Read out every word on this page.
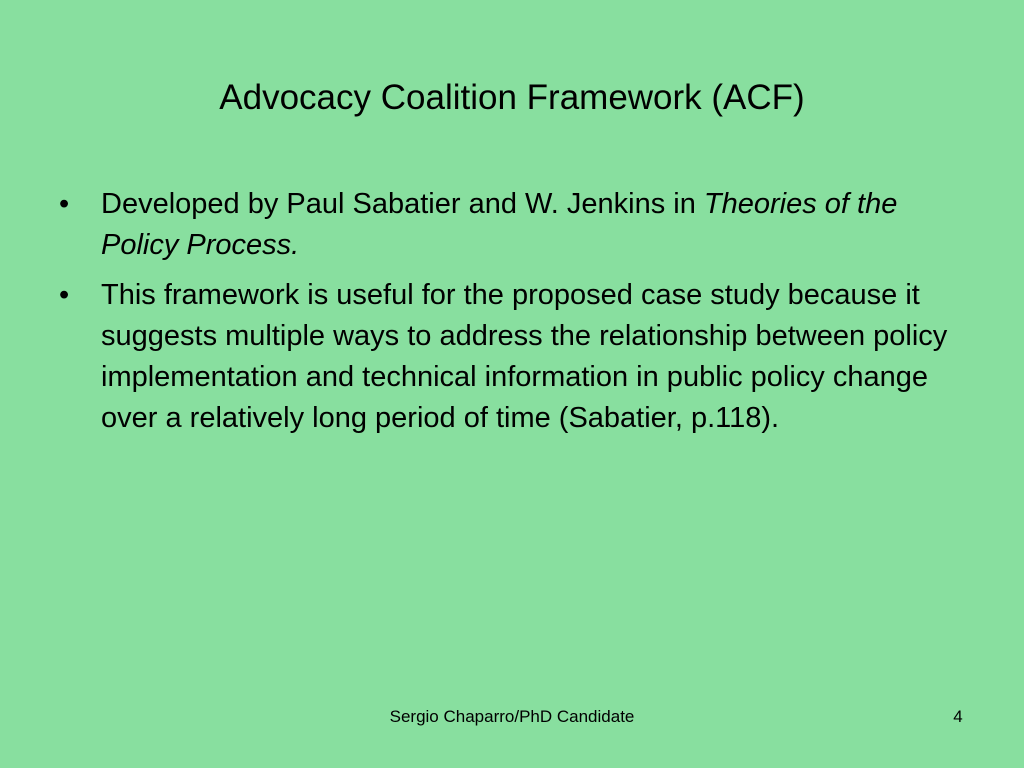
Advocacy Coalition Framework (ACF)
• Developed by Paul Sabatier and W. Jenkins in Theories of the Policy Process.
• This framework is useful for the proposed case study because it suggests multiple ways to address the relationship between policy implementation and technical information in public policy change over a relatively long period of time (Sabatier, p.118).
Sergio Chaparro/PhD Candidate	4
